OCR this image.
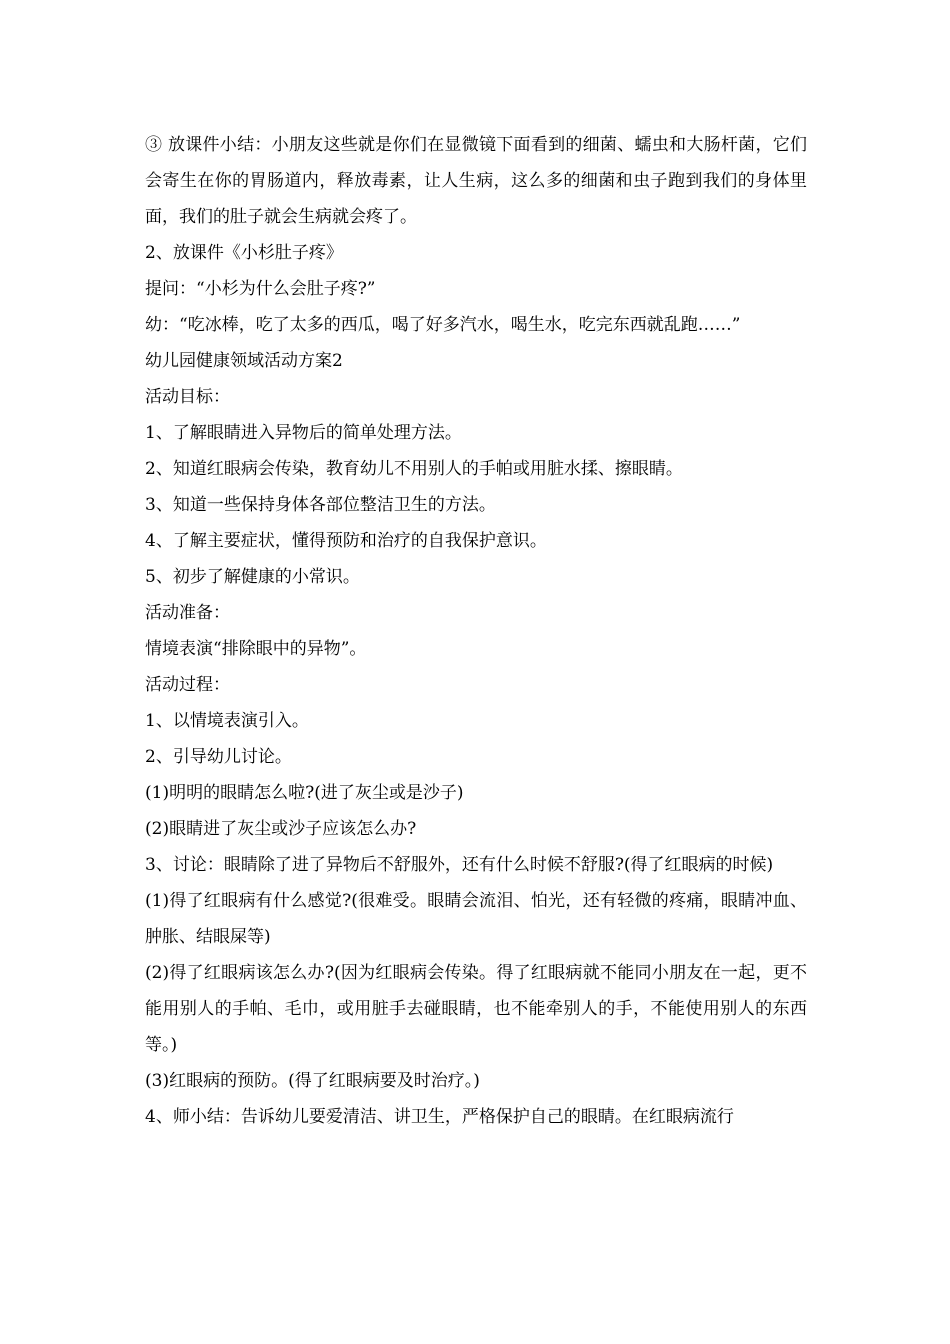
③ 放课件小结：小朋友这些就是你们在显微镜下面看到的细菌、蠕虫和大肠杆菌，它们会寄生在你的胃肠道内，释放毒素，让人生病，这么多的细菌和虫子跑到我们的身体里面，我们的肚子就会生病就会疼了。

2、放课件《小杉肚子疼》

提问：“小杉为什么会肚子疼?”

幼：“吃冰棒，吃了太多的西瓜，喝了好多汽水，喝生水，吃完东西就乱跑……”

幼儿园健康领域活动方案2

活动目标：

1、了解眼睛进入异物后的简单处理方法。

2、知道红眼病会传染，教育幼儿不用别人的手帕或用脏水揉、擦眼睛。

3、知道一些保持身体各部位整洁卫生的方法。

4、了解主要症状，懂得预防和治疗的自我保护意识。

5、初步了解健康的小常识。

活动准备：

情境表演“排除眼中的异物”。

活动过程：

1、以情境表演引入。

2、引导幼儿讨论。

(1)明明的眼睛怎么啦?(进了灰尘或是沙子)

(2)眼睛进了灰尘或沙子应该怎么办?

3、讨论：眼睛除了进了异物后不舒服外，还有什么时候不舒服?(得了红眼病的时候)

(1)得了红眼病有什么感觉?(很难受。眼睛会流泪、怕光，还有轻微的疼痛，眼睛冲血、肿胀、结眼屎等)

(2)得了红眼病该怎么办?(因为红眼病会传染。得了红眼病就不能同小朋友在一起，更不能用别人的手帕、毛巾，或用脏手去碰眼睛，也不能牵别人的手，不能使用别人的东西等。)

(3)红眼病的预防。(得了红眼病要及时治疗。)

4、师小结：告诉幼儿要爱清洁、讲卫生，严格保护自己的眼睛。在红眼病流行
